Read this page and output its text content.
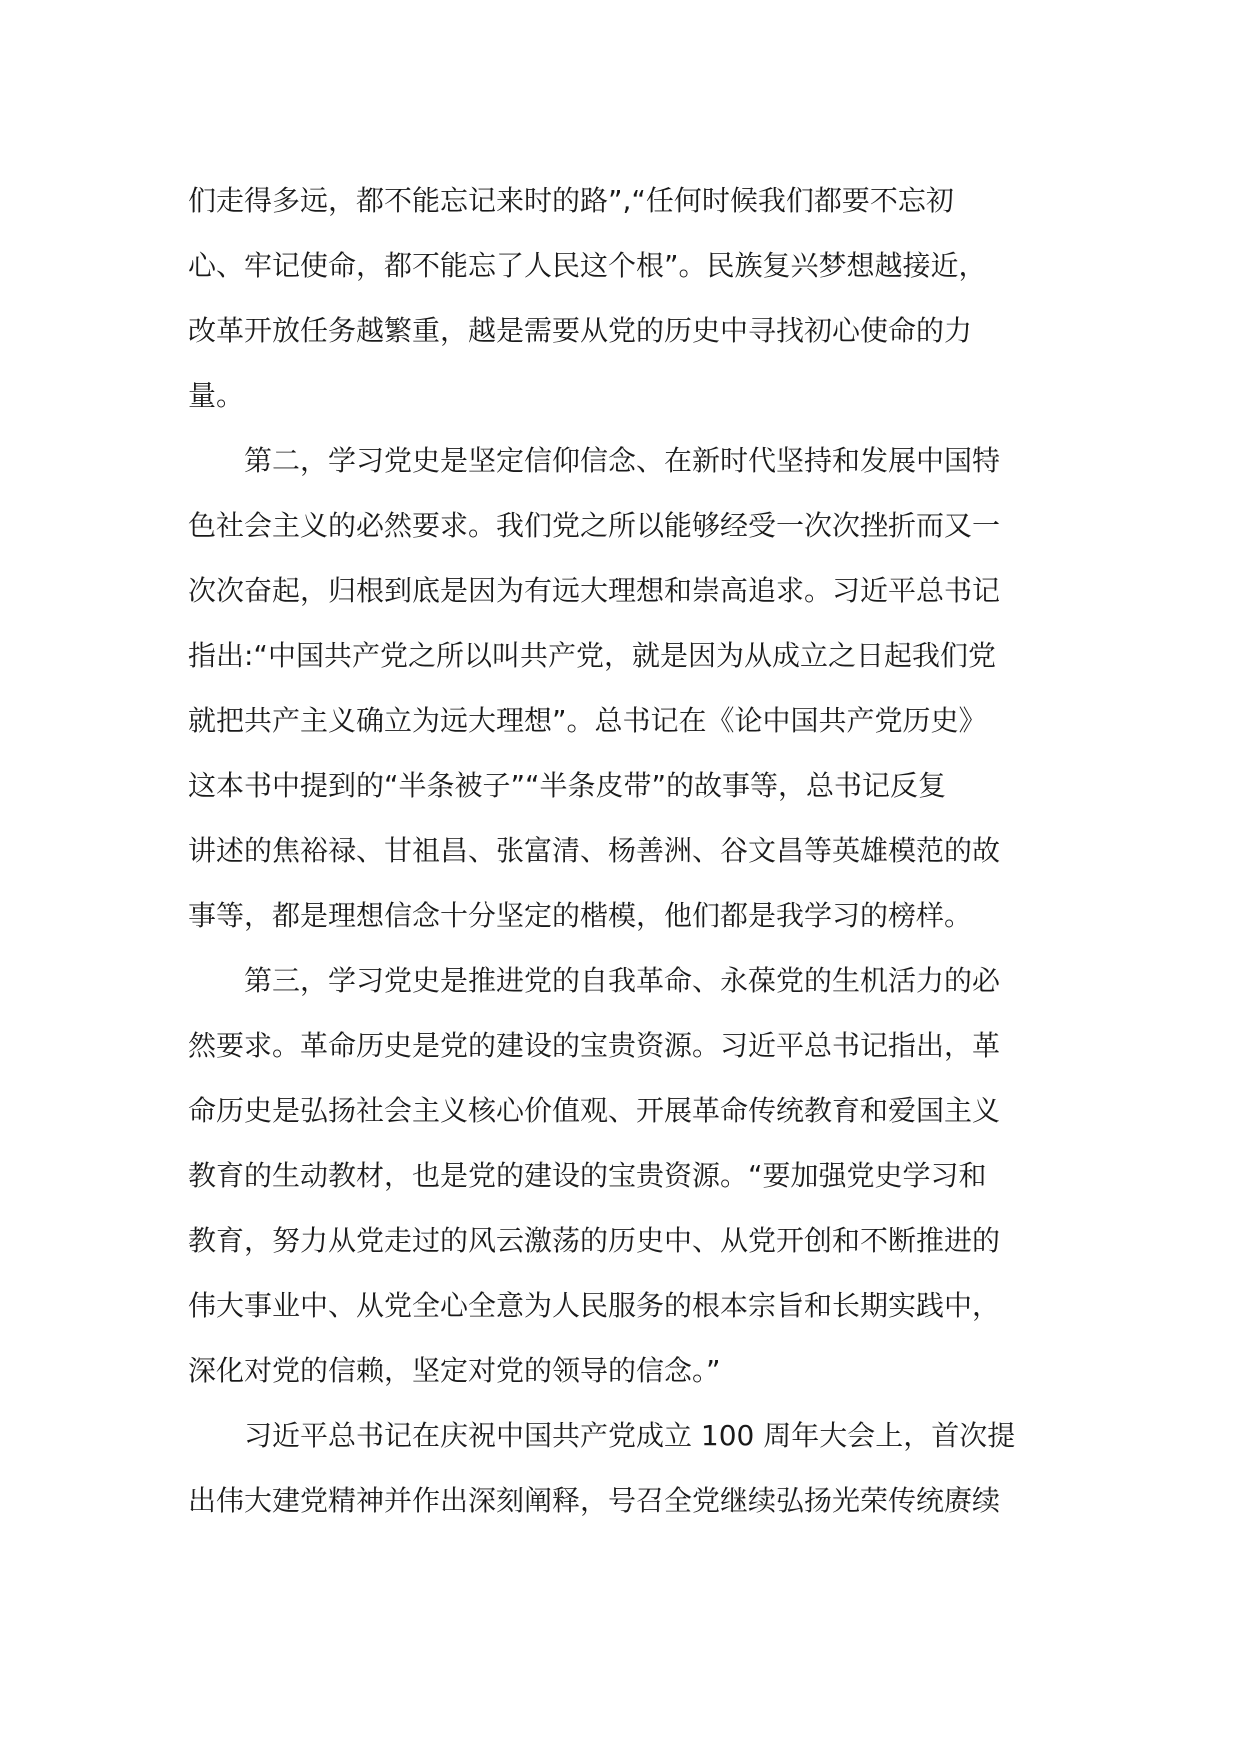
们走得多远，都不能忘记来时的路”,“任何时候我们都要不忘初
心、牢记使命，都不能忘了人民这个根”。民族复兴梦想越接近，
改革开放任务越繁重，越是需要从党的历史中寻找初心使命的力
量。
　　第二，学习党史是坚定信仰信念、在新时代坚持和发展中国特
色社会主义的必然要求。我们党之所以能够经受一次次挫折而又一
次次奋起，归根到底是因为有远大理想和崇高追求。习近平总书记
指出:“中国共产党之所以叫共产党，就是因为从成立之日起我们党
就把共产主义确立为远大理想”。总书记在《论中国共产党历史》
这本书中提到的“半条被子”“半条皮带”的故事等，总书记反复
讲述的焦裕禄、甘祖昌、张富清、杨善洲、谷文昌等英雄模范的故
事等，都是理想信念十分坚定的楷模，他们都是我学习的榜样。
　　第三，学习党史是推进党的自我革命、永葆党的生机活力的必
然要求。革命历史是党的建设的宝贵资源。习近平总书记指出，革
命历史是弘扬社会主义核心价值观、开展革命传统教育和爱国主义
教育的生动教材，也是党的建设的宝贵资源。“要加强党史学习和
教育，努力从党走过的风云激荡的历史中、从党开创和不断推进的
伟大事业中、从党全心全意为人民服务的根本宗旨和长期实践中，
深化对党的信赖，坚定对党的领导的信念。”
　　习近平总书记在庆祝中国共产党成立 100 周年大会上，首次提
出伟大建党精神并作出深刻阐释，号召全党继续弘扬光荣传统赓续
